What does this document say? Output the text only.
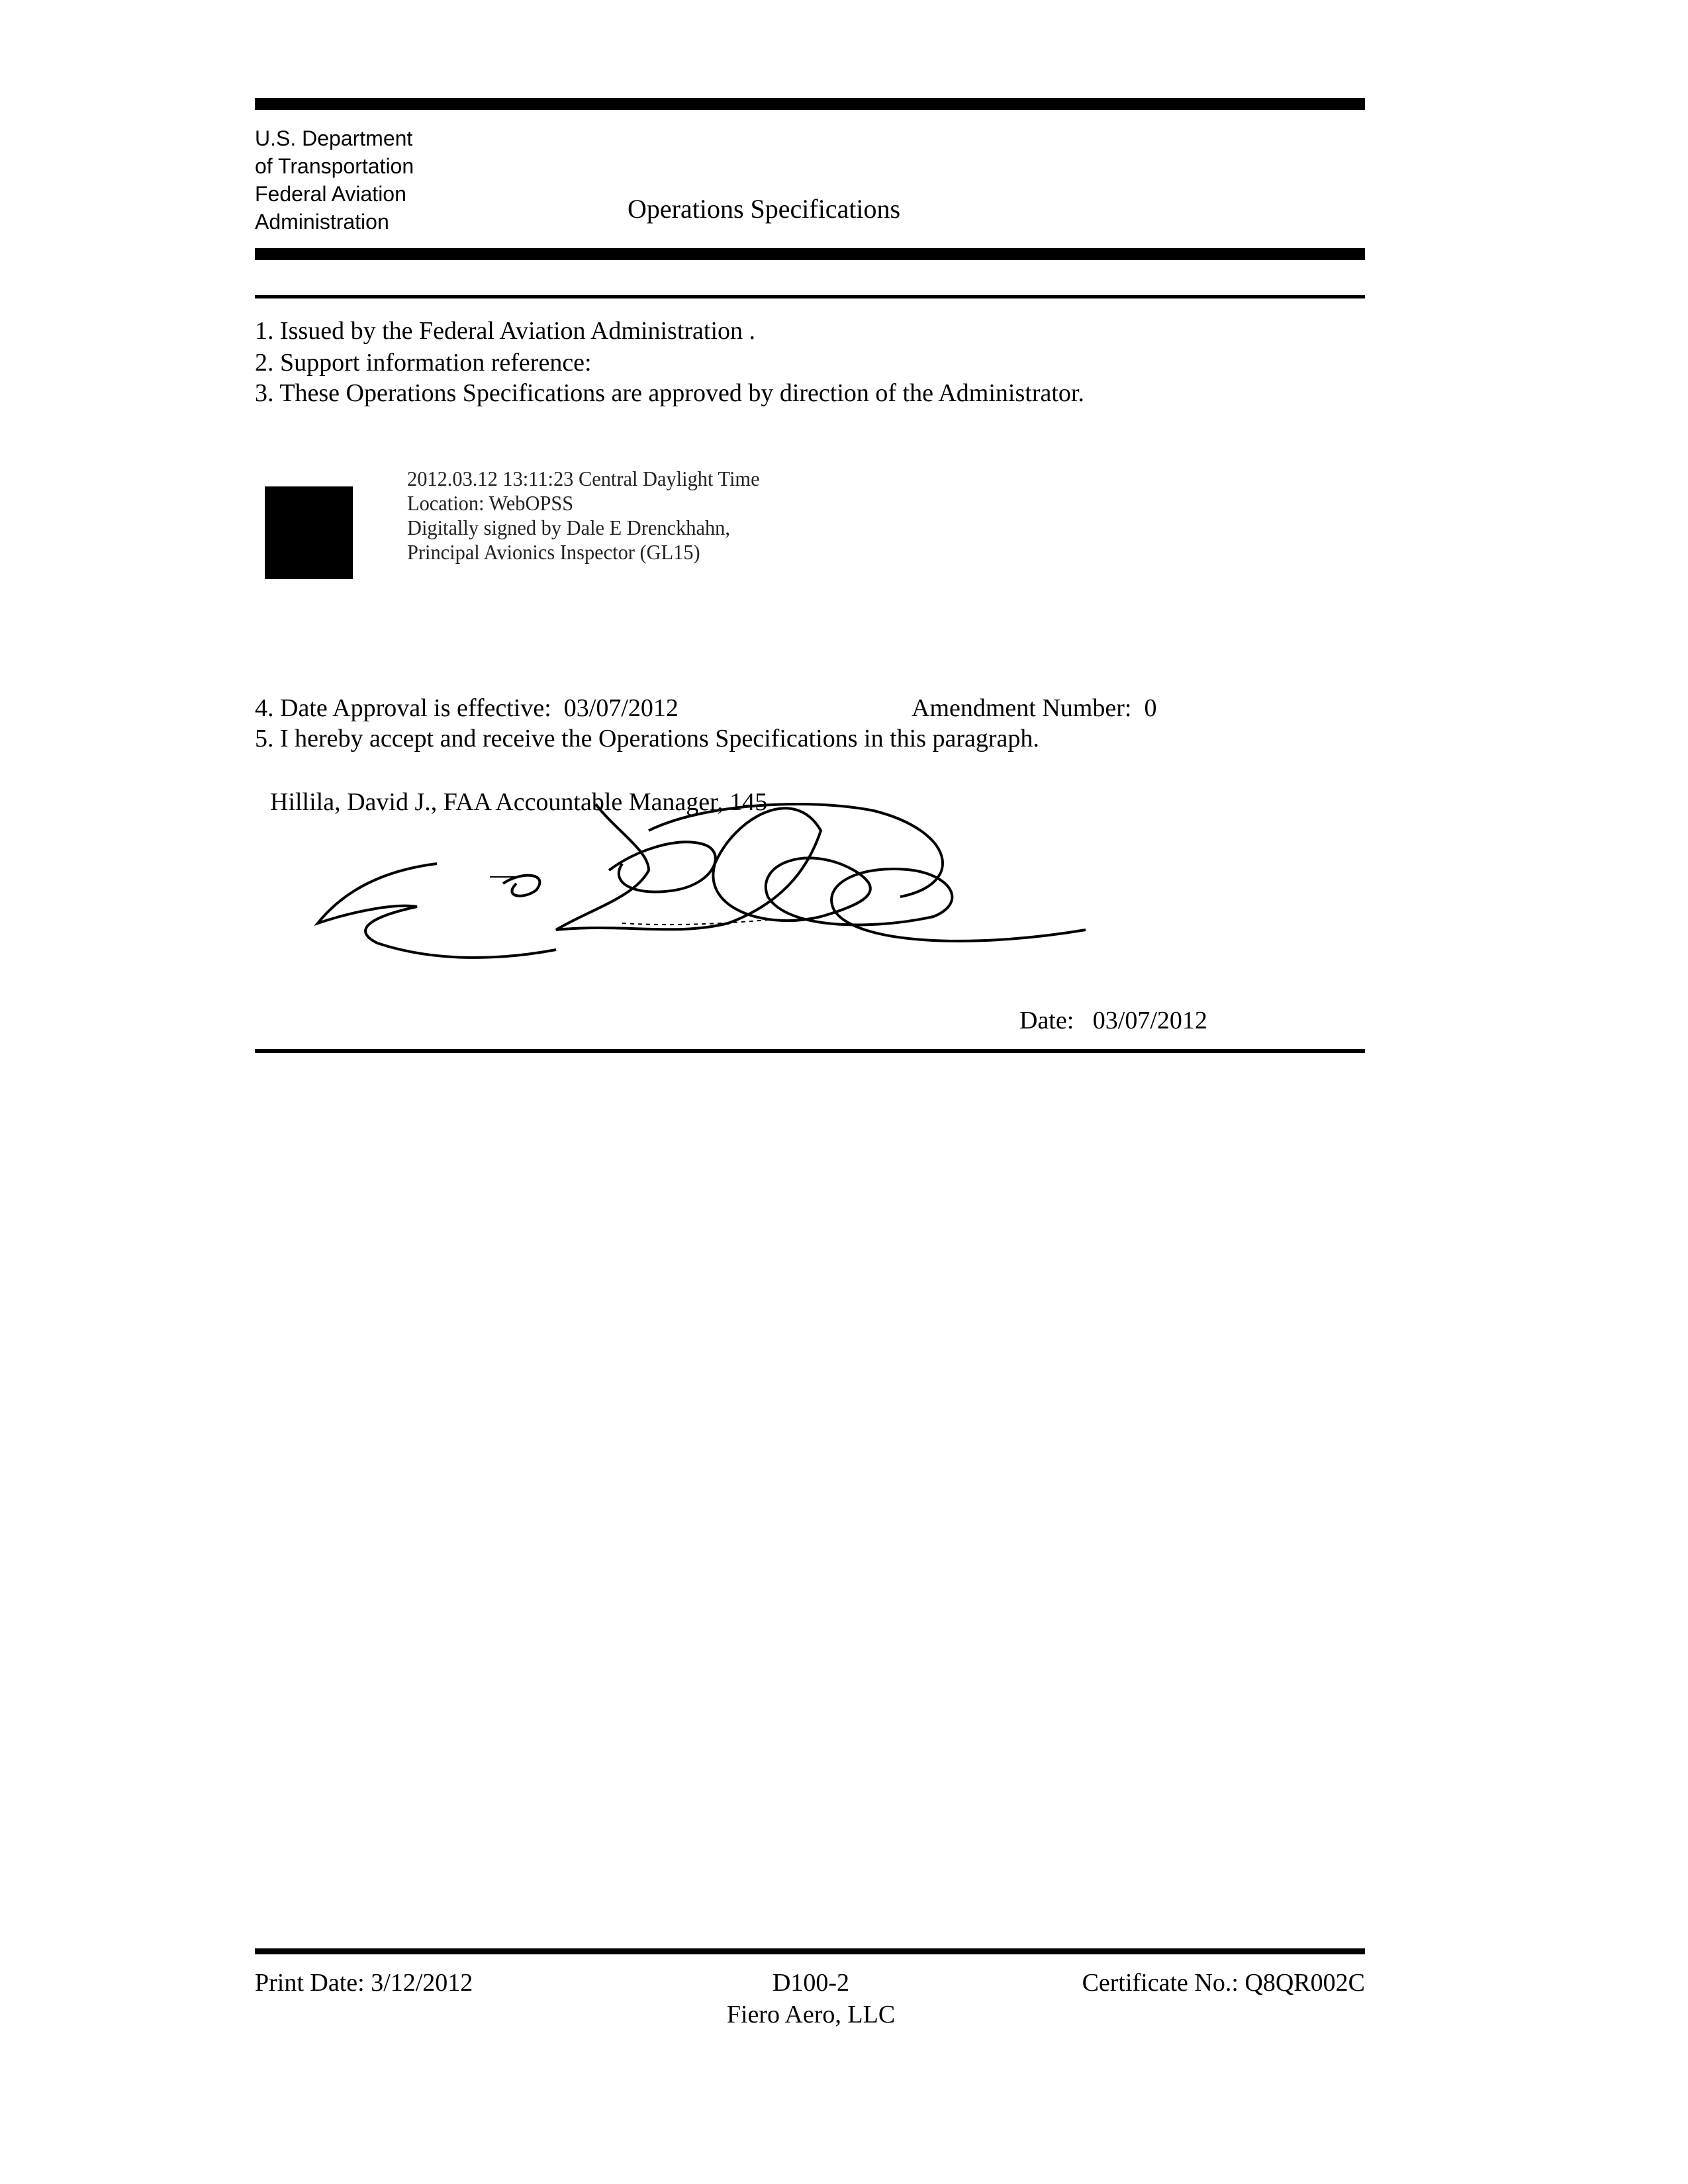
U.S. Department
of Transportation
Federal Aviation
Administration	Operations Specifications
1. Issued by the Federal Aviation Administration .
2. Support information reference:
3. These Operations Specifications are approved by direction of the Administrator.
2012.03.12 13:11:23 Central Daylight Time
Location: WebOPSS
Digitally signed by Dale E Drenckhahn,
Principal Avionics Inspector (GL15)
4. Date Approval is effective: 03/07/2012	Amendment Number: 0
5. I hereby accept and receive the Operations Specifications in this paragraph.
Hillila, David J., FAA Accountable Manager, 145
Date: 03/07/2012
Print Date: 3/12/2012	D100-2
Fiero Aero, LLC
Certificate No.: Q8QR002C
